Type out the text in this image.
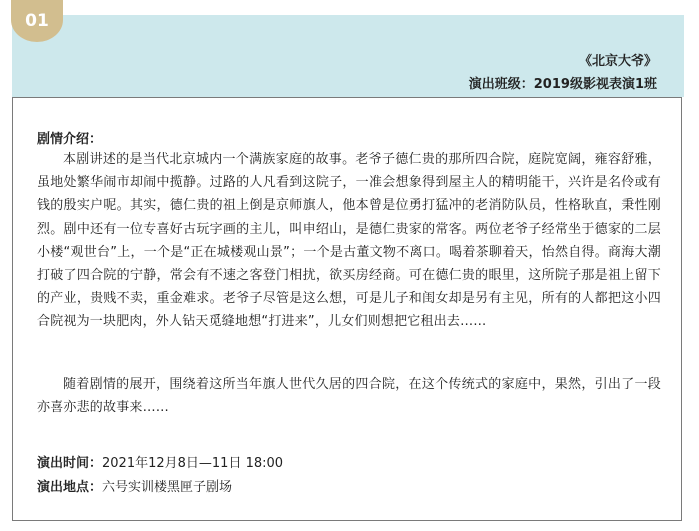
《北京大爷》
演出班级：2019级影视表演1班
01
剧情介绍：
本剧讲述的是当代北京城内一个满族家庭的故事。老爷子德仁贵的那所四合院，庭院宽阔，雍容舒雅，虽地处繁华闹市却闹中揽静。过路的人凡看到这院子，一准会想象得到屋主人的精明能干，兴许是名伶或有钱的殷实户呢。其实，德仁贵的祖上倒是京师旗人，他本曾是位勇打猛冲的老消防队员，性格耿直，秉性刚烈。剧中还有一位专喜好古玩字画的主儿，叫申绍山，是德仁贵家的常客。两位老爷子经常坐于德家的二层小楼“观世台”上，一个是“正在城楼观山景”；一个是古董文物不离口。喝着茶聊着天，怡然自得。商海大潮打破了四合院的宁静，常会有不速之客登门相扰，欲买房经商。可在德仁贵的眼里，这所院子那是祖上留下的产业，贵贱不卖，重金难求。老爷子尽管是这么想，可是儿子和闺女却是另有主见，所有的人都把这小四合院视为一块肥肉，外人钻天觅缝地想“打进来”，儿女们则想把它租出去……
随着剧情的展开，围绕着这所当年旗人世代久居的四合院，在这个传统式的家庭中，果然，引出了一段亦喜亦悲的故事来……
演出时间：2021年12月8日—11日 18:00
演出地点：六号实训楼黑匣子剧场
